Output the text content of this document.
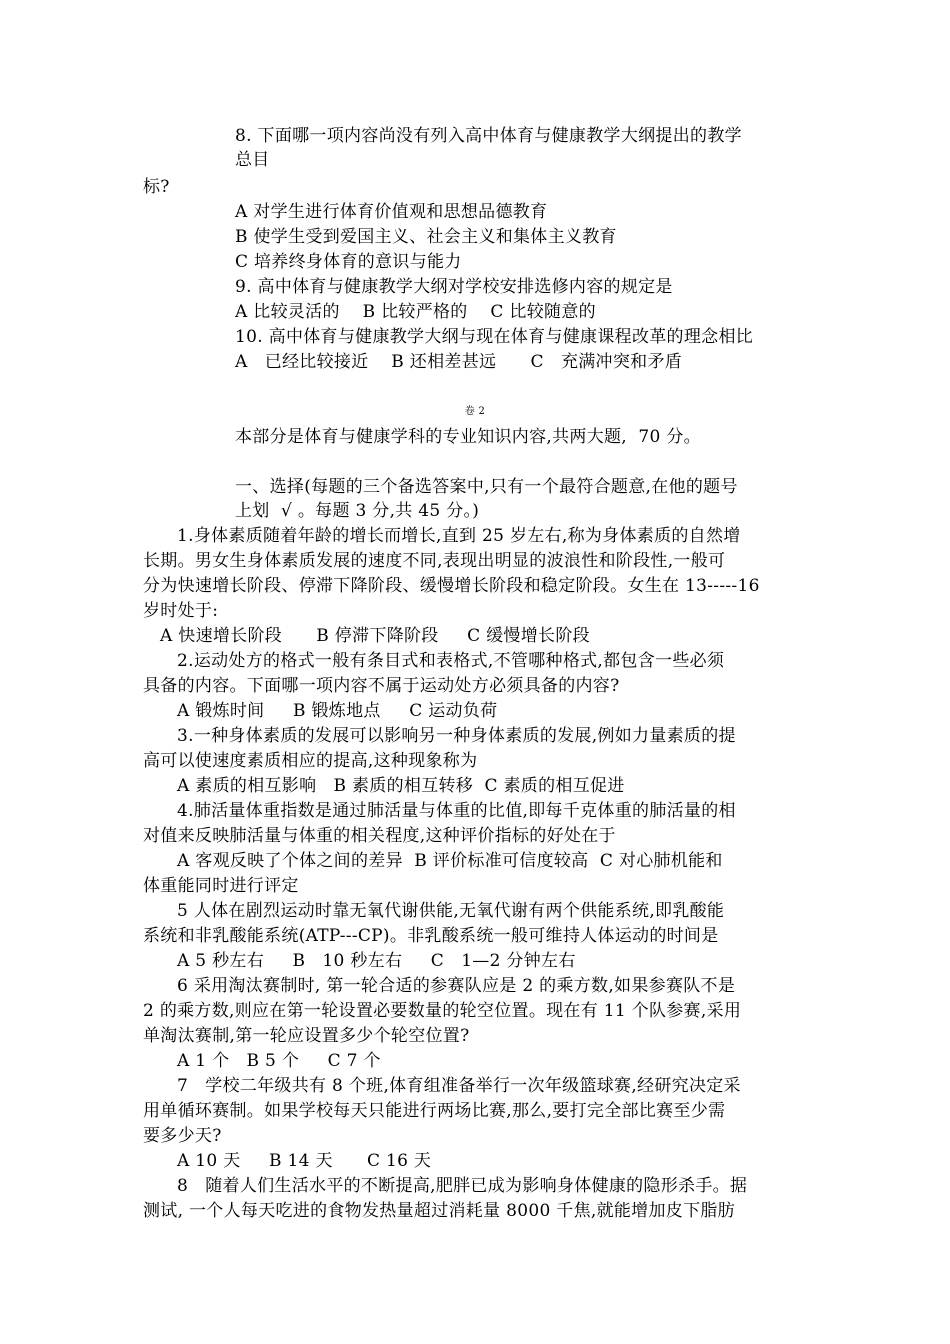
8. 下面哪一项内容尚没有列入高中体育与健康教学大纲提出的教学
总目
标?
A 对学生进行体育价值观和思想品德教育
B 使学生受到爱国主义、社会主义和集体主义教育
C 培养终身体育的意识与能力
9. 高中体育与健康教学大纲对学校安排选修内容的规定是
A 比较灵活的    B 比较严格的    C 比较随意的
10. 高中体育与健康教学大纲与现在体育与健康课程改革的理念相比
A   已经比较接近    B 还相差甚远      C   充满冲突和矛盾
卷 2
本部分是体育与健康学科的专业知识内容,共两大题,  70 分。
一、选择(每题的三个备选答案中,只有一个最符合题意,在他的题号
上划  √ 。每题 3 分,共 45 分。)
1.身体素质随着年龄的增长而增长,直到 25 岁左右,称为身体素质的自然增
长期。男女生身体素质发展的速度不同,表现出明显的波浪性和阶段性,一般可
分为快速增长阶段、停滞下降阶段、缓慢增长阶段和稳定阶段。女生在 13-----16
岁时处于:
A 快速增长阶段      B 停滞下降阶段     C 缓慢增长阶段
2.运动处方的格式一般有条目式和表格式,不管哪种格式,都包含一些必须
具备的内容。下面哪一项内容不属于运动处方必须具备的内容?
A 锻炼时间     B 锻炼地点     C 运动负荷
3.一种身体素质的发展可以影响另一种身体素质的发展,例如力量素质的提
高可以使速度素质相应的提高,这种现象称为
A 素质的相互影响   B 素质的相互转移  C 素质的相互促进
4.肺活量体重指数是通过肺活量与体重的比值,即每千克体重的肺活量的相
对值来反映肺活量与体重的相关程度,这种评价指标的好处在于
A 客观反映了个体之间的差异  B 评价标准可信度较高  C 对心肺机能和
体重能同时进行评定
5 人体在剧烈运动时靠无氧代谢供能,无氧代谢有两个供能系统,即乳酸能
系统和非乳酸能系统(ATP---CP)。非乳酸系统一般可维持人体运动的时间是
A 5 秒左右     B   10 秒左右     C   1—2 分钟左右
6 采用淘汰赛制时, 第一轮合适的参赛队应是 2 的乘方数,如果参赛队不是
2 的乘方数,则应在第一轮设置必要数量的轮空位置。现在有 11 个队参赛,采用
单淘汰赛制,第一轮应设置多少个轮空位置?
A 1 个   B 5 个     C 7 个
7   学校二年级共有 8 个班,体育组准备举行一次年级篮球赛,经研究决定采
用单循环赛制。如果学校每天只能进行两场比赛,那么,要打完全部比赛至少需
要多少天?
A 10 天     B 14 天      C 16 天
8   随着人们生活水平的不断提高,肥胖已成为影响身体健康的隐形杀手。据
测试, 一个人每天吃进的食物发热量超过消耗量 8000 千焦,就能增加皮下脂肪
